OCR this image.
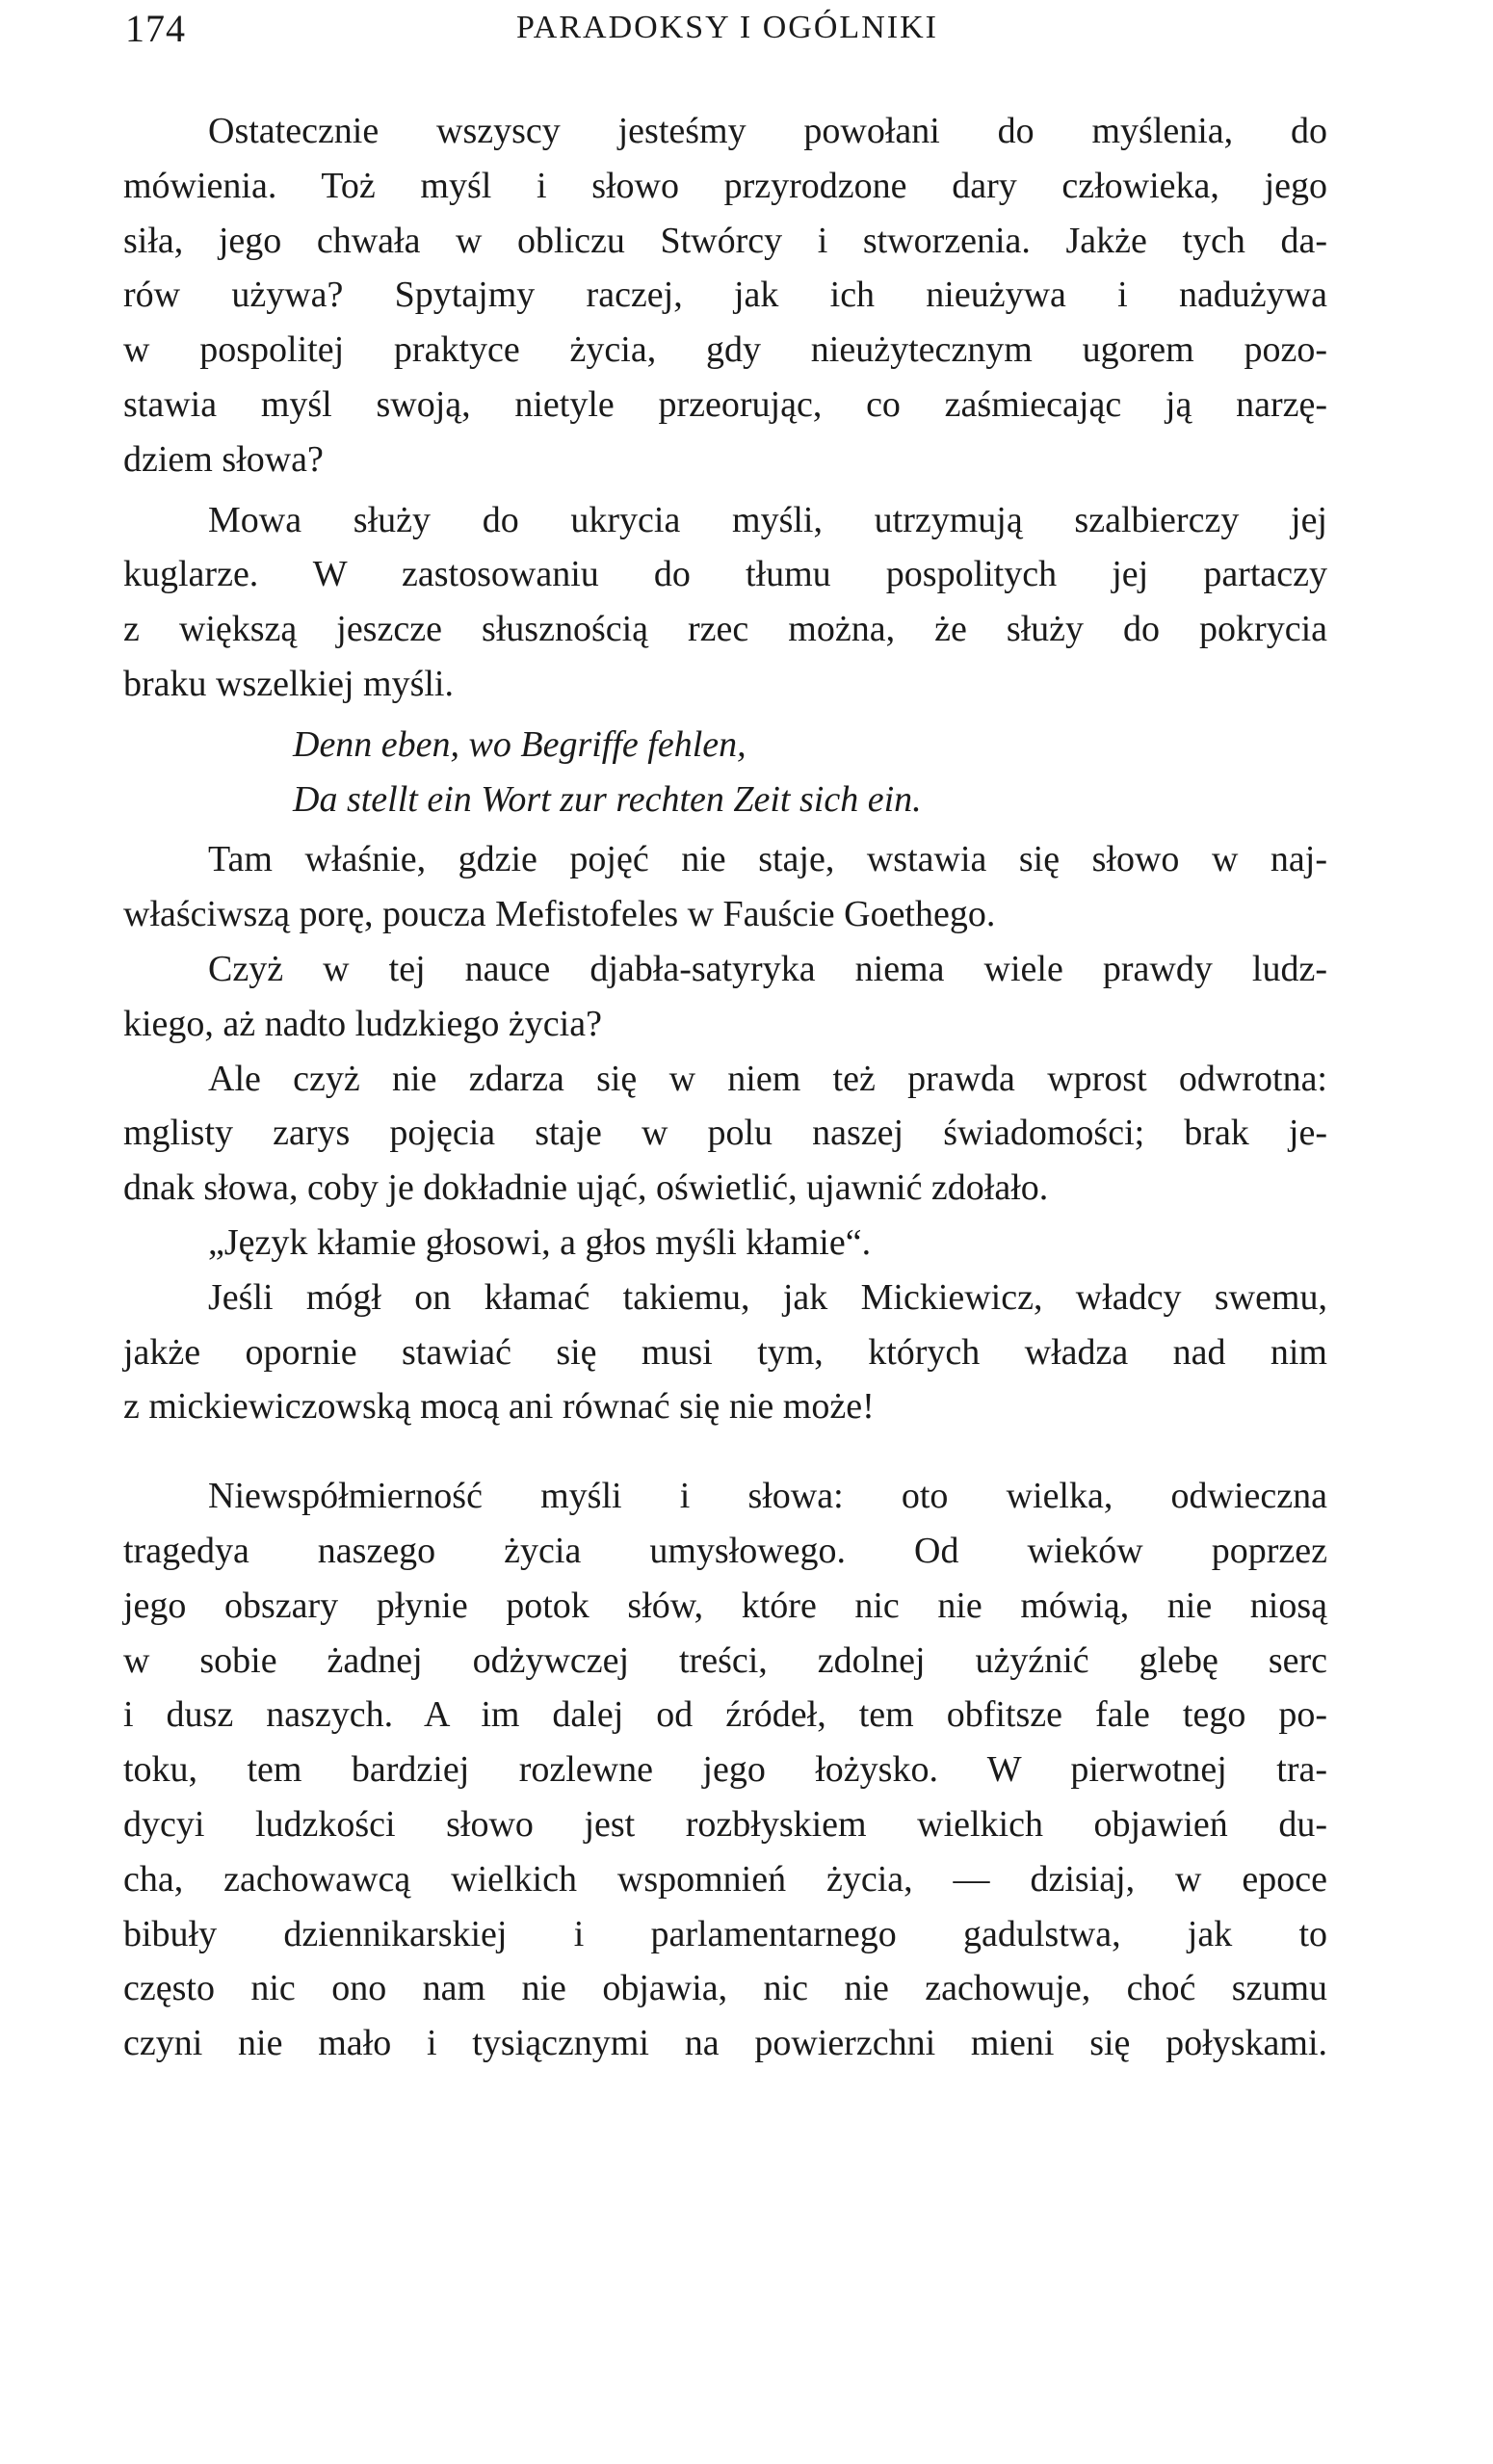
174	PARADOKSY I OGÓLNIKI
Ostatecznie wszyscy jesteśmy powołani do myślenia, do
mówienia. Toż myśl i słowo przyrodzone dary człowieka, jego
siła, jego chwała w obliczu Stwórcy i stworzenia. Jakże tych da-
rów używa? Spytajmy raczej, jak ich nieużywa i nadużywa
w pospolitej praktyce życia, gdy nieużytecznym ugorem pozo-
stawia myśl swoją, nietyle przeorując, co zaśmiecając ją narzę-
dziem słowa?
Mowa służy do ukrycia myśli, utrzymują szalbierczy jej
kuglarze. W zastosowaniu do tłumu pospolitych jej partaczy
z większą jeszcze słusznością rzec można, że służy do pokrycia
braku wszelkiej myśli.
Denn eben, wo Begriffe fehlen,
Da stellt ein Wort zur rechten Zeit sich ein.
Tam właśnie, gdzie pojęć nie staje, wstawia się słowo w naj-
właściwszą porę, poucza Mefistofeles w Fauście Goethego.
Czyż w tej nauce djabła-satyryka niema wiele prawdy ludz-
kiego, aż nadto ludzkiego życia?
Ale czyż nie zdarza się w niem też prawda wprost odwrotna:
mglisty zarys pojęcia staje w polu naszej świadomości; brak je-
dnak słowa, coby je dokładnie ująć, oświetlić, ujawnić zdołało.
„Język kłamie głosowi, a głos myśli kłamie“.
Jeśli mógł on kłamać takiemu, jak Mickiewicz, władcy swemu,
jakże opornie stawiać się musi tym, których władza nad nim
z mickiewiczowską mocą ani równać się nie może!
Niewspółmierność myśli i słowa: oto wielka, odwieczna
tragedya naszego życia umysłowego. Od wieków poprzez
jego obszary płynie potok słów, które nic nie mówią, nie niosą
w sobie żadnej odżywczej treści, zdolnej użyźnić glebę serc
i dusz naszych. A im dalej od źródeł, tem obfitsze fale tego po-
toku, tem bardziej rozlewne jego łożysko. W pierwotnej tra-
dycyi ludzkości słowo jest rozbłyskiem wielkich objawień du-
cha, zachowawcą wielkich wspomnień życia, — dzisiaj, w epoce
bibuły dziennikarskiej i parlamentarnego gadulstwa, jak to
często nic ono nam nie objawia, nic nie zachowuje, choć szumu
czyni nie mało i tysiącznymi na powierzchni mieni się połyskami.
